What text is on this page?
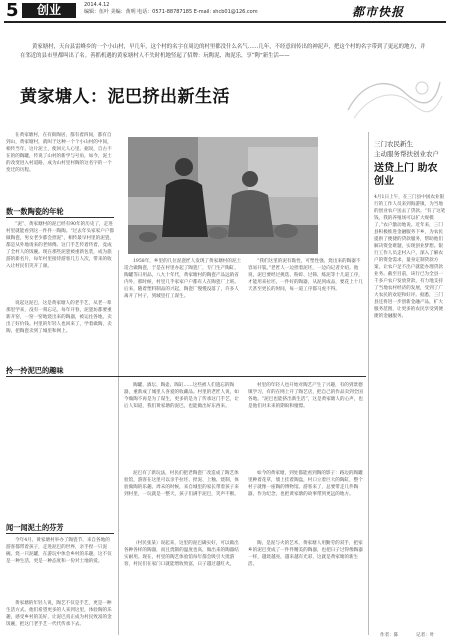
5	创业	2014.4.12
编辑：伍叶 美编：黄明 电话：0571-88787185 E-mail: shcb01@126.com	都市快报
黄家塘村，天台县雷峰乡的一个小山村，早几年，这个村的名字在周边的村里都没什么名气……几年，不经意间传出的神泥声，把这个村的名字带到了更远的地方，并在邻近的县市里都叫出了名。善抓机遇的黄家塘村人不失时机地竖起了招牌：玩陶泥、淘泥乐，享“陶”新生活——
黄家塘人：泥巴挤出新生活
在黄家塘村，在有街陶居，都有着四间，都有自到山，黄家塘村，就叫于这种一个个小山村的中间，相传当年，这片泥土，使回元人心里。据说，自古不在的的陶罐，传说了山村的新学与号角，如今，泥土的改变进入村道路，成为山村里村陶的这名字的一个变迁的历程。
数一数陶瓷的年轮
“泥”，黄家塘村的泥已经有90年的历史了，走进村里就能看到这一件件一陶陶。“过去年头家家户户都做陶瓷，男女老少都会捏泥”，相传最早村里的泥瓷，都是从外地请来的老师傅。这门手艺传着传着，竟成了全村人的饭碗。现在那些泥瓷被重新包装，成为旅游的新名片，每年村里接待游客几万人次，带来的收入让村民们笑开了颜。
说起这泥巴，这是黄家塘人的老手艺，从老一辈那里学来，没有一刻忘记。每年开春，泥瓷坊都要重新开窑，一窑一窑地烧出来的陶器，被运往各地，卖出了好价钱。村里的年轻人也回来了，学着做陶，卖陶，把陶瓷卖到了城里和网上。
拎一拎泥巴的趣味
闻一闻泥土的芬芳
今年4月，黄家塘村举办了陶瓷节，来自各地的游客都带着孩子，走进泥巴的世界，亲手捏一只泥碗、烧一只泥罐，在游玩中体会乡村的乐趣，这不仅是一种生活，更是一种态度和一份对土地的爱。
1958年，乡里的几位泥瓷匠人发现了黄家塘村的泥土适合做陶瓷，于是在村里办起了陶瓷厂，专门生产陶缸、陶罐等日用品。八九十年代，黄家塘村的陶瓷产品远销省内外，那时候，村里几乎家家户户都有人在陶瓷厂上班。后来，随着塑料制品的兴起，陶瓷厂慢慢没落了，许多人离开了村子，到城里打工谋生。
陶罐、酒坛、陶壶、陶缸……这些被人们遗忘的陶器，重新成了城里人喜爱的收藏品。村里的老匠人说，如今做陶不再是为了谋生，更多的是为了传承这门手艺，让后人知道，我们黄家塘的泥巴，也能做出好东西来。
泥巴有了新玩法，村民们把老陶瓷厂改造成了陶艺体验馆，游客在这里可以亲手拉坯、捏泥、上釉、烧制，体验做陶的乐趣。周末的时候，来自城里的家长带着孩子来到村里，一玩就是一整天，孩子们满手泥巴，笑声不断。
“我们这里的泥有黏性，可塑性强，烧出来的陶器不容易开裂。”老匠人一边捏着泥坯，一边向记者介绍。他说，泥巴要经过挑选、粉碎、过筛、练泥等十几道工序，才能用来拉坯。一件好的陶器，从泥到成品，要花上十几天甚至更长的时间，每一道工序都马虎不得。
村里的年轻人也开始对陶艺产生了兴趣，有的到景德镇学习，有的在网上开了陶艺店，把自己的作品卖到全国各地。“泥巴也能挤出新生活”，这是黄家塘人的心声，也是他们对未来的期盼和憧憬。
如今的黄家塘，到处都能看到陶的影子：路边的陶罐里种着花草，墙上挂着陶盘，村口立着巨大的陶缸，整个村子就像一座陶的博物馆。游客来了，总要带走几件陶器，作为纪念，也把黄家塘的故事带到更远的地方。
（村民张某）说起来，这里的泥巴确实好，可以做出各种各样的陶器，而且烧制的温度也高，做出来的陶器结实耐用。现在，村里的陶艺体验馆每年都会吸引大批游客，村民们在家门口就能增收致富，日子越过越红火。
陶，是泥与火的艺术，黄家塘人用勤劳的双手，把家乡的泥巴变成了一件件精美的陶器，也把日子过得像陶器一样，越烧越亮，越来越有光彩，这就是黄家塘的新生活。
黄家塘的年轻人说，陶艺不仅是手艺，更是一种生活方式。他们希望更多的人来到这里，体验陶的乐趣，感受乡村的美好，让泥巴真正成为村民致富的金饭碗，把这门老手艺一代代传承下去。
三门农民新生
主动服务帮扶创业农户
送贷上门 助农创业
4月1日上午，在三门县中国农业银行的工作人员来到海游镇，为当地的创业农户送去了贷款。“有了这笔钱，我的养殖场可以扩大规模了。”农户激动地说。近年来，三门县积极推进金融服务下乡，为农民提供了便捷的贷款服务，帮助他们解决资金难题，实现创业梦想。银行工作人员走村入户，深入了解农户的资金需求，量身定制贷款方案，让农户足不出户就能办理贷款业务。截至目前，该行已为全县一千多户农户发放贷款，有力地支持了当地农村经济的发展，受到了广大农民的欢迎和好评。据悉，三门县还将进一步创新金融产品，扩大服务范围，让更多的农民享受到便捷的金融服务。
作者：陈	记者：叶
